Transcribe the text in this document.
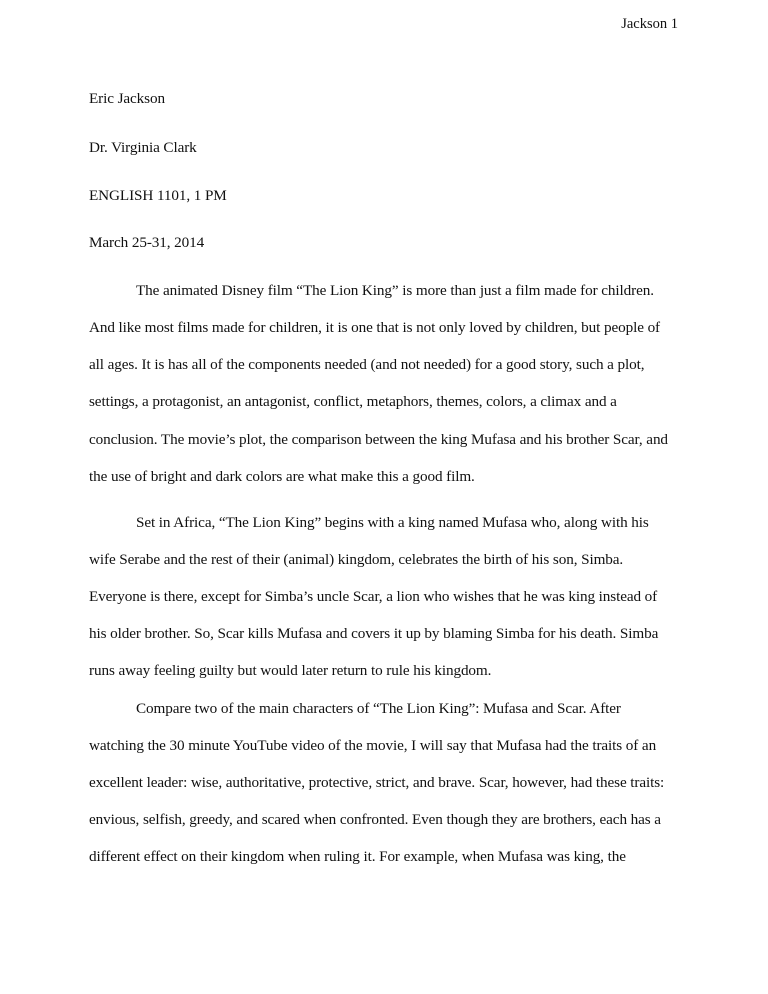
Jackson 1
Eric Jackson
Dr. Virginia Clark
ENGLISH 1101, 1 PM
March 25-31, 2014
The animated Disney film “The Lion King” is more than just a film made for children.
And like most films made for children, it is one that is not only loved by children, but people of
all ages. It is has all of the components needed (and not needed) for a good story, such a plot,
settings, a protagonist, an antagonist, conflict, metaphors, themes, colors, a climax and a
conclusion. The movie’s plot, the comparison between the king Mufasa and his brother Scar, and
the use of bright and dark colors are what make this a good film.
Set in Africa, “The Lion King” begins with a king named Mufasa who, along with his
wife Serabe and the rest of their (animal) kingdom, celebrates the birth of his son, Simba.
Everyone is there, except for Simba’s uncle Scar, a lion who wishes that he was king instead of
his older brother. So, Scar kills Mufasa and covers it up by blaming Simba for his death. Simba
runs away feeling guilty but would later return to rule his kingdom.
Compare two of the main characters of “The Lion King”: Mufasa and Scar. After
watching the 30 minute YouTube video of the movie, I will say that Mufasa had the traits of an
excellent leader: wise, authoritative, protective, strict, and brave. Scar, however, had these traits:
envious, selfish, greedy, and scared when confronted. Even though they are brothers, each has a
different effect on their kingdom when ruling it. For example, when Mufasa was king, the
